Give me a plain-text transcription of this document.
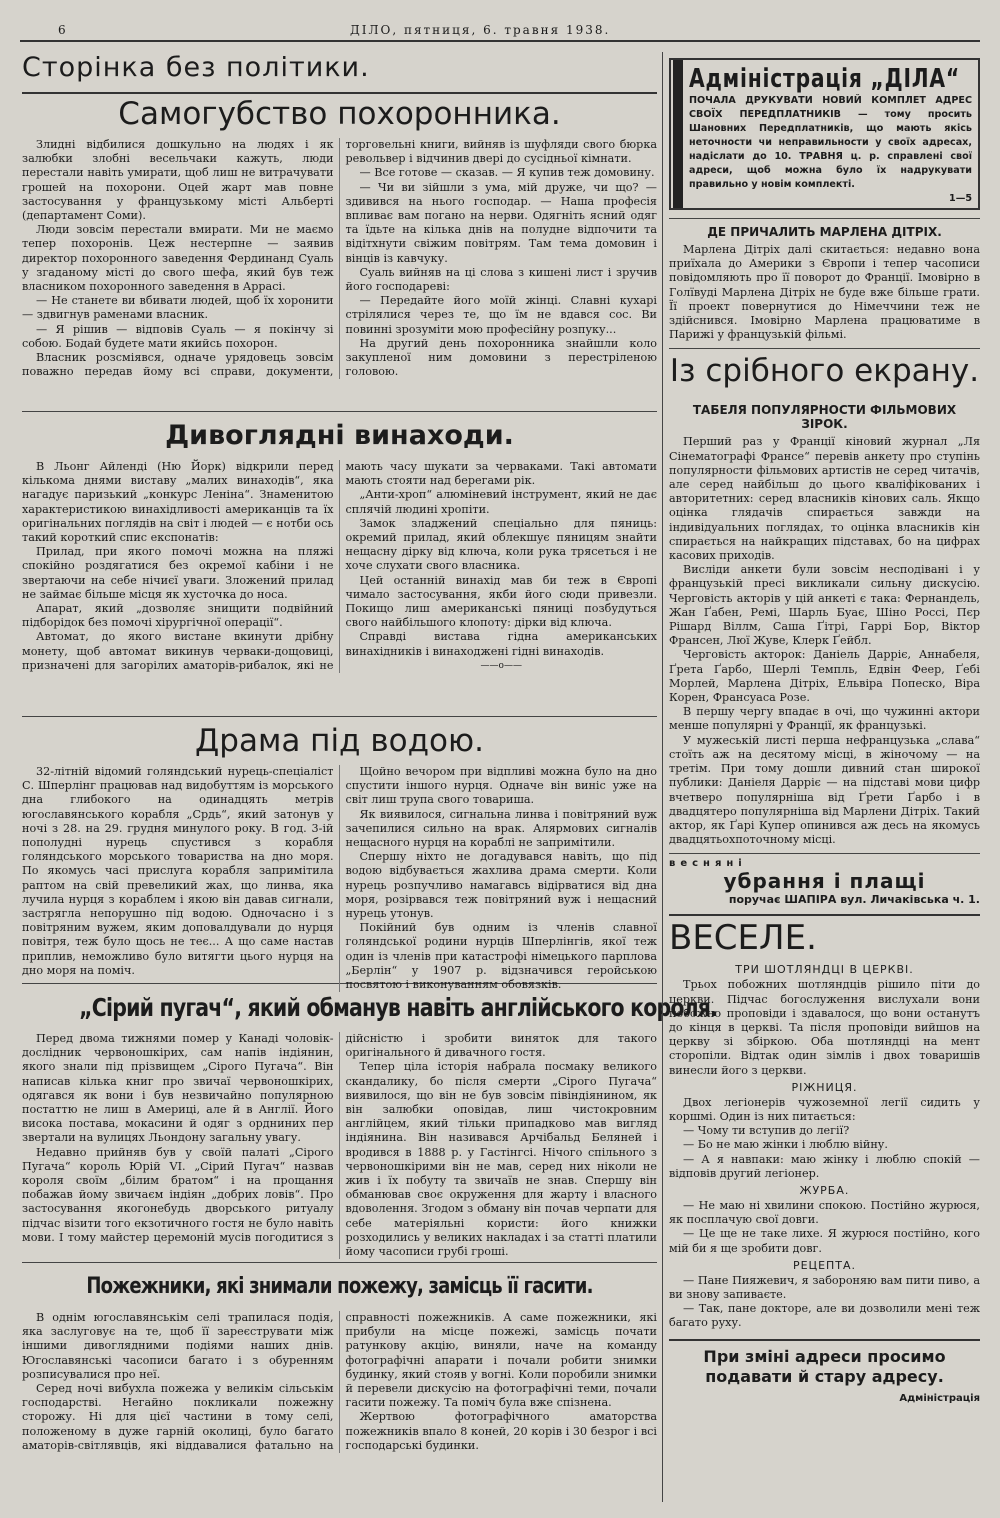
6	ДІЛО, пятниця, 6. травня 1938.
Сторінка без політики.
Самогубство похоронника.

Злидні відбилися дошкульно на людях і як залюбки злобні весельчаки кажуть, люди перестали навіть умирати, щоб лиш не витрачувати грошей на похорони. Оцей жарт мав повне застосування у французькому місті Альберті (департамент Соми).

Люди зовсім перестали вмирати. Ми не маємо тепер похоронів. Цеж нестерпне — заявив директор похоронного заведення Фердинанд Суаль у згаданому місті до свого шефа, який був теж власником похоронного заведення в Аррасі.

— Не станете ви вбивати людей, щоб їх хоронити — здвигнув раменами власник.

— Я рішив — відповів Суаль — я покінчу зі собою. Бодай будете мати якийсь похорон.

Власник розсміявся, одначе урядовець зовсім поважно передав йому всі справи, документи, торговельні книги, вийняв із шуфляди свого бюрка револьвер і відчинив двері до сусідньої кімнати.

— Все готове — сказав. — Я купив теж домовину.

— Чи ви зійшли з ума, мій друже, чи що? — здивився на нього господар. — Наша професія впливає вам погано на нерви. Одягніть ясний одяг та їдьте на кілька днів на полудне відпочити та відітхнути свіжим повітрям. Там тема домовин і вінців із кавчуку.

Суаль вийняв на ці слова з кишені лист і зручив його господареві:

— Передайте його моїй жінці. Славні кухарі стрілялися через те, що їм не вдався сос. Ви повинні зрозуміти мою професійну розпуку...

На другий день похоронника знайшли коло закупленої ним домовини з перестріленою головою.

Дивоглядні винаходи.

В Льонг Айленді (Ню Йорк) відкрили перед кількома днями виставу „малих винаходів“, яка нагадує паризький „конкурс Леніна“. Знаменитою характеристикою винахідливості американців та їх оригінальних поглядів на світ і людей — є нотби ось такий короткий спис експонатів:

Прилад, при якого помочі можна на пляжі спокійно роздягатися без окремої кабіни і не звертаючи на себе нічиєї уваги. Зложений прилад не займає більше місця як хусточка до носа.

Апарат, який „дозволяє знищити подвійний підборідок без помочі хірургічної операції“.

Автомат, до якого вистане вкинути дрібну монету, щоб автомат викинув черваки-дощовиці, призначені для загорілих аматорів-рибалок, які не мають часу шукати за черваками. Такі автомати мають стояти над берегами рік.

„Анти-хроп“ алюміневий інструмент, який не дає сплячій людині хропіти.

Замок зладжений спеціально для пяниць: окремий прилад, який облекшує пяницям знайти нещасну дірку від ключа, коли рука трясеться і не хоче слухати свого власника.

Цей останній винахід мав би теж в Європі чимало застосування, якби його сюди привезли. Покищо лиш американські пяниці позбудуться свого найбільшого клопоту: дірки від ключа.

Справді вистава гідна американських винахідників і винаходжені гідні винаходів.

——о——

Драма під водою.

32-літній відомий голяндський нурець-спеціаліст С. Шперлінг працював над видобуттям із морського дна глибокого на одинадцять метрів югославянського корабля „Срдь“, який затонув у ночі з 28. на 29. грудня минулого року. В год. 3-ій пополудні нурець спустився з корабля голяндського морського товариства на дно моря. По якомусь часі прислуга корабля запримітила раптом на свій превеликий жах, що линва, яка лучила нурця з кораблем і якою він давав сигнали, застрягла непорушно під водою. Одночасно і з повітряним вужем, яким доповалдували до нурця повітря, теж було щось не теє... А що саме настав приплив, неможливо було витягти цього нурця на дно моря на поміч.

Щойно вечором при відпливі можна було на дно спустити іншого нурця. Одначе він виніс уже на світ лиш трупа свого товариша.

Як виявилося, сигнальна линва і повітряний вуж зачепилися сильно на врак. Алярмових сигналів нещасного нурця на кораблі не запримітили.

Спершу ніхто не догадувався навіть, що під водою відбувається жахлива драма смерти. Коли нурець розпучливо намагавсь відірватися від дна моря, розірвався теж повітряний вуж і нещасний нурець утонув.

Покійний був одним із членів славної голяндської родини нурців Шперлінгів, якої теж один із членів при катастрофі німецького парплова „Берлін“ у 1907 р. відзначився геройською посвятою і виконуванням обовязків.

„Сірий пугач“, який обманув навіть англійського короля.

Перед двома тижнями помер у Канаді чоловік-дослідник червоношкірих, сам напів індіянин, якого знали під прізвищем „Сірого Пугача“. Він написав кілька книг про звичаї червоношкірих, одягався як вони і був незвичайно популярною постаттю не лиш в Америці, але й в Англії. Його висока постава, мокасини й одяг з ордниних пер звертали на вулицях Льондону загальну увагу.

Недавно прийняв був у своїй палаті „Сірого Пугача“ король Юрій VI. „Сірий Пугач“ назвав короля своїм „білим братом“ і на прощання побажав йому звичаєм індіян „добрих ловів“. Про застосування якогонебудь дворського ритуалу підчас візити того екзотичного гостя не було навіть мови. І тому майстер церемоній мусів погодитися з дійсністю і зробити виняток для такого оригінального й дивачного гостя.

Тепер ціла історія набрала посмаку великого скандалику, бо після смерти „Сірого Пугача“ виявилося, що він не був зовсім півіндіянином, як він залюбки оповідав, лиш чистокровним англійцем, який тільки припадково мав вигляд індіянина. Він називався Арчібальд Беляней і вродився в 1888 р. у Гастінгсі. Нічого спільного з червоношкірими він не мав, серед них ніколи не жив і їх побуту та звичаїв не знав. Спершу він обманював своє окруження для жарту і власного вдоволення. Згодом з обману він почав черпати для себе матеріяльні користи: його книжки розходились у великих накладах і за статті платили йому часописи грубі гроші.

Пожежники, які знимали пожежу, замісць її гасити.

В однім югославянськім селі трапилася подія, яка заслуговує на те, щоб її зареєструвати між іншими дивоглядними подіями наших днів. Югославянські часописи багато і з обуренням розписувалися про неї.

Серед ночі вибухла пожежа у великім сільськім господарстві. Негайно покликали пожежну сторожу. Ні для цієї частини в тому селі, положеному в дуже гарній околиці, було багато аматорів-світлявців, які віддавалися фатально на справності пожежників. А саме пожежники, які прибули на місце пожежі, замісць почати ратункову акцію, виняли, наче на команду фотографічні апарати і почали робити знимки будинку, який стояв у вогні. Коли поробили знимки й перевели дискусію на фотографічні теми, почали гасити пожежу. Та поміч була вже спізнена.

Жертвою фотографічного аматорства пожежників впало 8 коней, 20 корів і 30 безрог і всі господарські будинки.

Адміністрація „ДІЛА“
ПОЧАЛА ДРУКУВАТИ НОВИЙ КОМПЛЕТ АДРЕС СВОЇХ ПЕРЕДПЛАТНИКІВ — тому просить Шановних Передплатників, що мають якісь неточности чи неправильности у своїх адресах, надіслати до 10. ТРАВНЯ ц. р. справлені свої адреси, щоб можна було їх надрукувати правильно у новім комплекті.
1—5
ДЕ ПРИЧАЛИТЬ МАРЛЕНА ДІТРІХ.

Марлена Дітріх далі скитається: недавно вона приїхала до Америки з Європи і тепер часописи повідомляють про її поворот до Франції. Імовірно в Голївуді Марлена Дітріх не буде вже більше грати. Її проект повернутися до Німеччини теж не здійснився. Імовірно Марлена працюватиме в Парижі у французькій фільмі.

Із срібного екрану.
ТАБЕЛЯ ПОПУЛЯРНОСТИ ФІЛЬМОВИХ ЗІРОК.

Перший раз у Франції кіновий журнал „Ля Сінематографі Франсе“ перевів анкету про ступінь популярности фільмових артистів не серед читачів, але серед найбільш до цього кваліфікованих і авторитетних: серед власників кінових саль. Якщо оцінка глядачів спирається завжди на індивідуальних поглядах, то оцінка власників кін спирається на найкращих підставах, бо на цифрах касових приходів.

Висліди анкети були зовсім несподівані і у французькій пресі викликали сильну дискусію. Черговість акторів у цій анкеті є така: Фернандель, Жан Ґабен, Ремі, Шарль Буає, Шіно Россі, Пєр Рішард Віллм, Саша Ґітрі, Гаррі Бор, Віктор Франсен, Люї Жуве, Клерк Ґейбл.

Черговість акторок: Даніель Дарріє, Аннабеля, Ґрета Ґарбо, Шерлі Темпль, Едвін Феер, Ґебі Морлей, Марлена Дітріх, Ельвіра Попеско, Віра Корен, Франсуаса Розе.

В першу чергу впадає в очі, що чужинні актори менше популярні у Франції, як французькі.

У мужеській листі перша нефранцузька „слава“ стоїть аж на десятому місці, в жіночому — на третім. При тому дошли дивний стан широкої публики: Даніеля Дарріє — на підставі мови цифр вчетверо популярніша від Ґрети Ґарбо і в двадцятеро популярніша від Марлени Дітріх. Такий актор, як Ґарі Купер опинився аж десь на якомусь двадцятьохпоточному місці.

весняні
убрання і плащі
поручає ШАПІРА вул. Личаківська ч. 1.
ВЕСЕЛЕ.
ТРИ ШОТЛЯНДЦІ В ЦЕРКВІ.

Трьох побожних шотляндців рішило піти до церкви. Підчас богослуження вислухали вони побожно проповіди і здавалося, що вони останутъ до кінця в церкві. Та після проповіди вийшов на церкву зі збіркою. Оба шотляндці на мент сторопіли. Відтак один зімлів і двох товаришів винесли його з церкви.

РІЖНИЦЯ.

Двох легіонерів чужоземної легії сидить у коршмі. Один із них питається:

— Чому ти вступив до легії?

— Бо не маю жінки і люблю війну.

— А я навпаки: маю жінку і люблю спокій — відповів другий легіонер.

ЖУРБА.

— Не маю ні хвилини спокою. Постійно журюся, як посплачую свої довги.

— Це ще не таке лихе. Я журюся постійно, кого мій би я ще зробити довг.

РЕЦЕПТА.

— Пане Пияжевич, я забороняю вам пити пиво, а ви знову запиваєте.

— Так, пане докторе, але ви дозволили мені теж багато руху.

При зміні адреси просимо подавати й стару адресу.
Адміністрація
